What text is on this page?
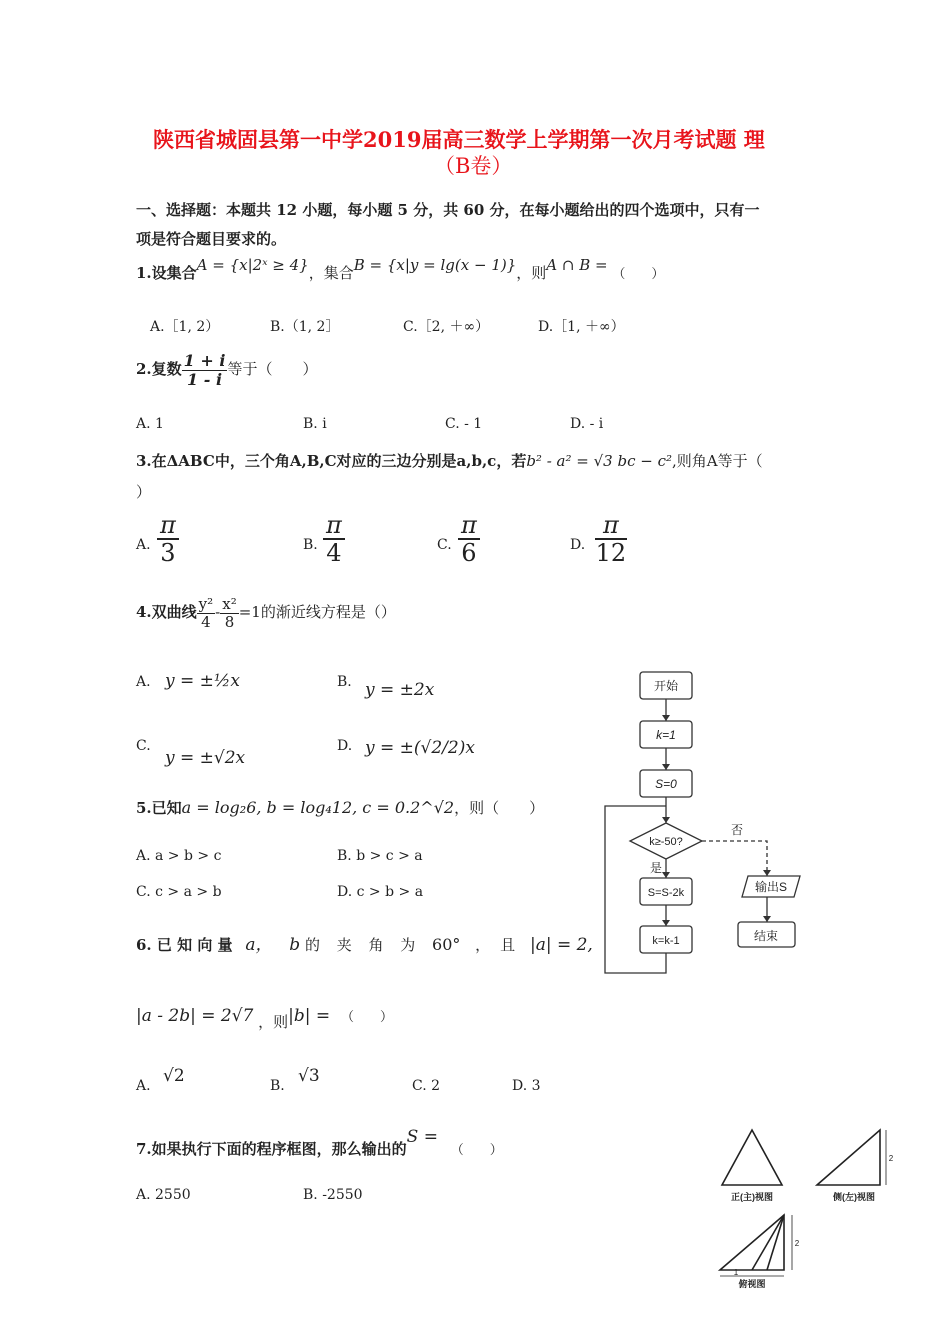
陕西省城固县第一中学2019届高三数学上学期第一次月考试题 理
（B卷）
一、选择题：本题共 12 小题，每小题 5 分，共 60 分，在每小题给出的四个选项中，只有一
项是符合题目要求的。
1.设集合A = {x|2ˣ ≥ 4}，集合B = {x|y = lg(x − 1)}，则A ∩ B = （　　）
A.［1, 2）	B.（1, 2］	C.［2, ＋∞）	D.［1, ＋∞）
2.复数 $\frac{1 + i}{1 - i}$ 等于（　　）
A. 1	B. i	C. - 1	D. - i
3.在ΔABC中，三个角A,B,C对应的三边分别是a,b,c，若b² - a² = √3 bc − c²,则角A等于（
）
A. $\frac{\pi}{3}$	B. $\frac{\pi}{4}$	C. $\frac{\pi}{6}$	D. $\frac{\pi}{12}$
4.双曲线 $\frac{\text{y²}}{4} - \frac{\text{x²}}{8} =1$的渐近线方程是（）
A. y = ±½x	B. y = ±2x
C.
y = ±√2x
D. y = ±(√2/2)x
5.已知a = log₂6, b = log₄12, c = 0.2^√2，则（　　）
A. a > b > c	B. b > c > a
C. c > a > b	D. c > b > a
6. 已 知 向 量 a， b 的 夹 角 为 60° ，且 |a| = 2,
|a - 2b| = 2√7 ，则|b| = （　　）
A. √2	B. √3	C. 2	D. 3
7.如果执行下面的程序框图，那么输出的S = （　　）
A. 2550	B. -2550
开始
k=1
S=0
k≥-50?
否
是
S=S-2k
k=k-1
输出S
结束
正(主)视图	侧(左)视图
俯视图
2
2
1
